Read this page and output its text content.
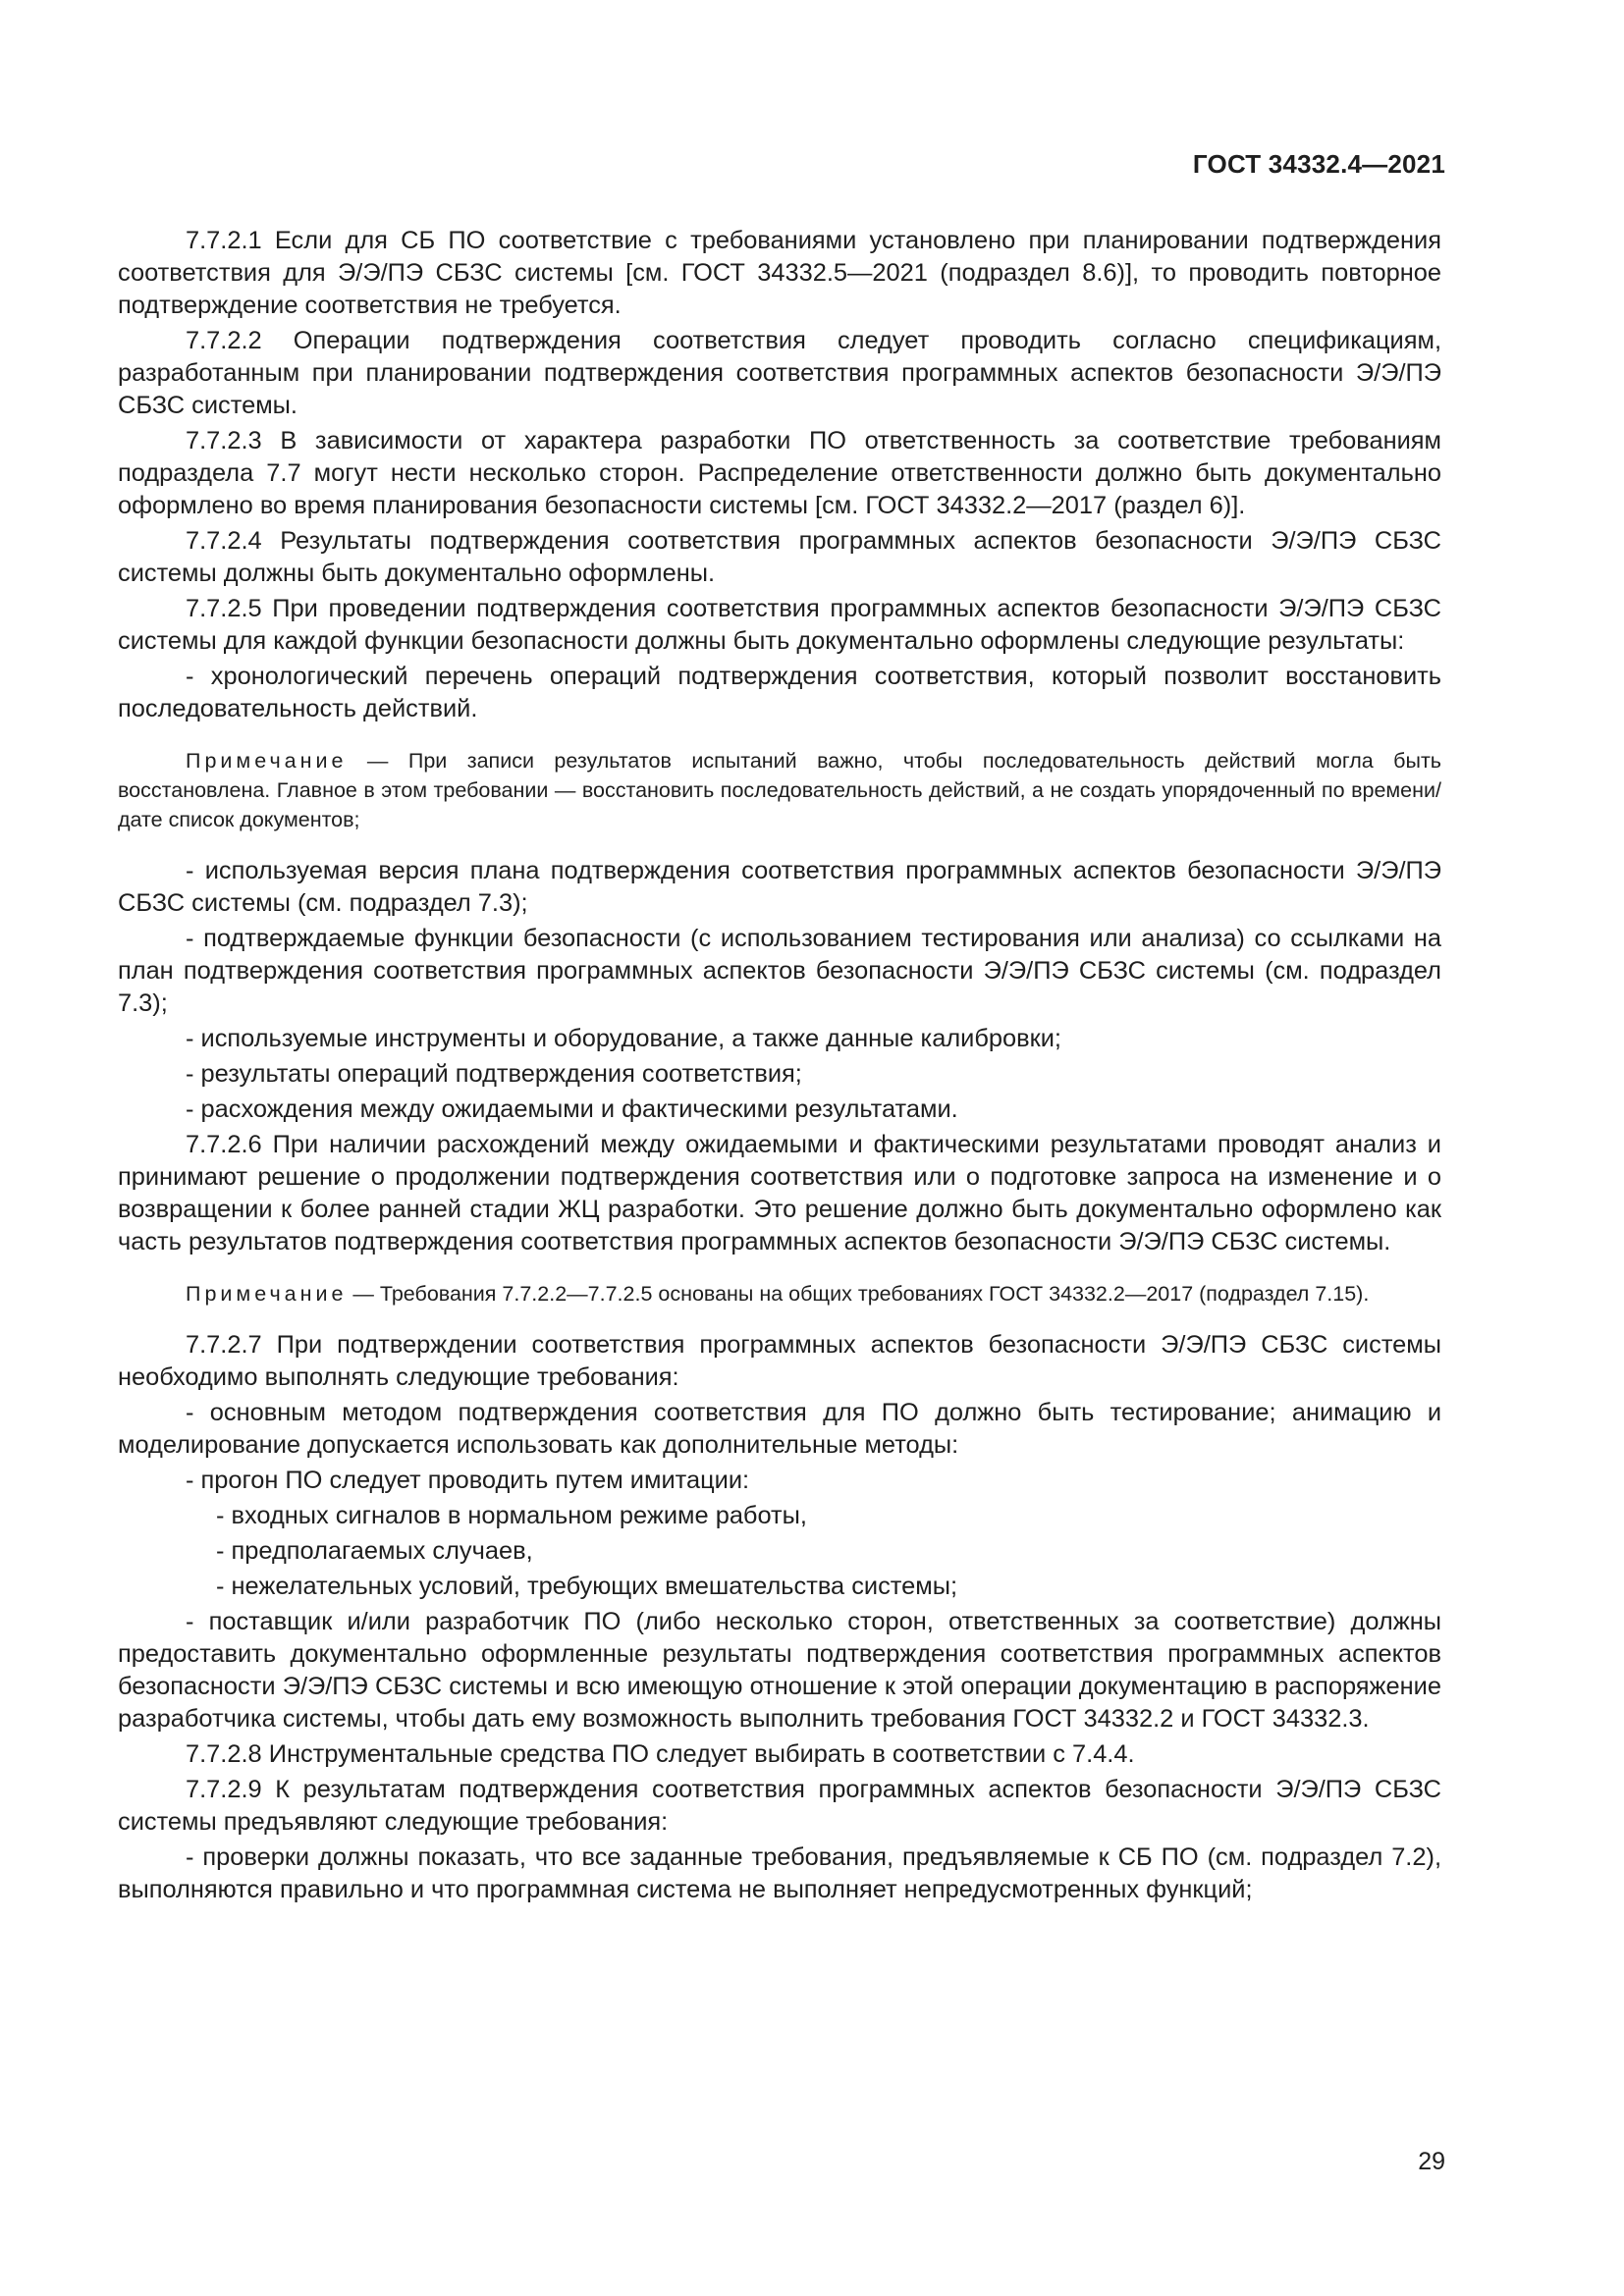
ГОСТ 34332.4—2021

7.7.2.1 Если для СБ ПО соответствие с требованиями установлено при планировании подтверждения соответствия для Э/Э/ПЭ СБЗС системы [см. ГОСТ 34332.5—2021 (подраздел 8.6)], то проводить повторное подтверждение соответствия не требуется.

7.7.2.2 Операции подтверждения соответствия следует проводить согласно спецификациям, разработанным при планировании подтверждения соответствия программных аспектов безопасности Э/Э/ПЭ СБЗС системы.

7.7.2.3 В зависимости от характера разработки ПО ответственность за соответствие требованиям подраздела 7.7 могут нести несколько сторон. Распределение ответственности должно быть документально оформлено во время планирования безопасности системы [см. ГОСТ 34332.2—2017 (раздел 6)].

7.7.2.4 Результаты подтверждения соответствия программных аспектов безопасности Э/Э/ПЭ СБЗС системы должны быть документально оформлены.

7.7.2.5 При проведении подтверждения соответствия программных аспектов безопасности Э/Э/ПЭ СБЗС системы для каждой функции безопасности должны быть документально оформлены следующие результаты:

- хронологический перечень операций подтверждения соответствия, который позволит восстановить последовательность действий.

Примечание — При записи результатов испытаний важно, чтобы последовательность действий могла быть восстановлена. Главное в этом требовании — восстановить последовательность действий, а не создать упорядоченный по времени/дате список документов;

- используемая версия плана подтверждения соответствия программных аспектов безопасности Э/Э/ПЭ СБЗС системы (см. подраздел 7.3);

- подтверждаемые функции безопасности (с использованием тестирования или анализа) со ссылками на план подтверждения соответствия программных аспектов безопасности Э/Э/ПЭ СБЗС системы (см. подраздел 7.3);

- используемые инструменты и оборудование, а также данные калибровки;

- результаты операций подтверждения соответствия;

- расхождения между ожидаемыми и фактическими результатами.

7.7.2.6 При наличии расхождений между ожидаемыми и фактическими результатами проводят анализ и принимают решение о продолжении подтверждения соответствия или о подготовке запроса на изменение и о возвращении к более ранней стадии ЖЦ разработки. Это решение должно быть документально оформлено как часть результатов подтверждения соответствия программных аспектов безопасности Э/Э/ПЭ СБЗС системы.

Примечание — Требования 7.7.2.2—7.7.2.5 основаны на общих требованиях ГОСТ 34332.2—2017 (подраздел 7.15).

7.7.2.7 При подтверждении соответствия программных аспектов безопасности Э/Э/ПЭ СБЗС системы необходимо выполнять следующие требования:

- основным методом подтверждения соответствия для ПО должно быть тестирование; анимацию и моделирование допускается использовать как дополнительные методы:

- прогон ПО следует проводить путем имитации:

- входных сигналов в нормальном режиме работы,

- предполагаемых случаев,

- нежелательных условий, требующих вмешательства системы;

- поставщик и/или разработчик ПО (либо несколько сторон, ответственных за соответствие) должны предоставить документально оформленные результаты подтверждения соответствия программных аспектов безопасности Э/Э/ПЭ СБЗС системы и всю имеющую отношение к этой операции документацию в распоряжение разработчика системы, чтобы дать ему возможность выполнить требования ГОСТ 34332.2 и ГОСТ 34332.3.

7.7.2.8 Инструментальные средства ПО следует выбирать в соответствии с 7.4.4.

7.7.2.9 К результатам подтверждения соответствия программных аспектов безопасности Э/Э/ПЭ СБЗС системы предъявляют следующие требования:

- проверки должны показать, что все заданные требования, предъявляемые к СБ ПО (см. подраздел 7.2), выполняются правильно и что программная система не выполняет непредусмотренных функций;

29
